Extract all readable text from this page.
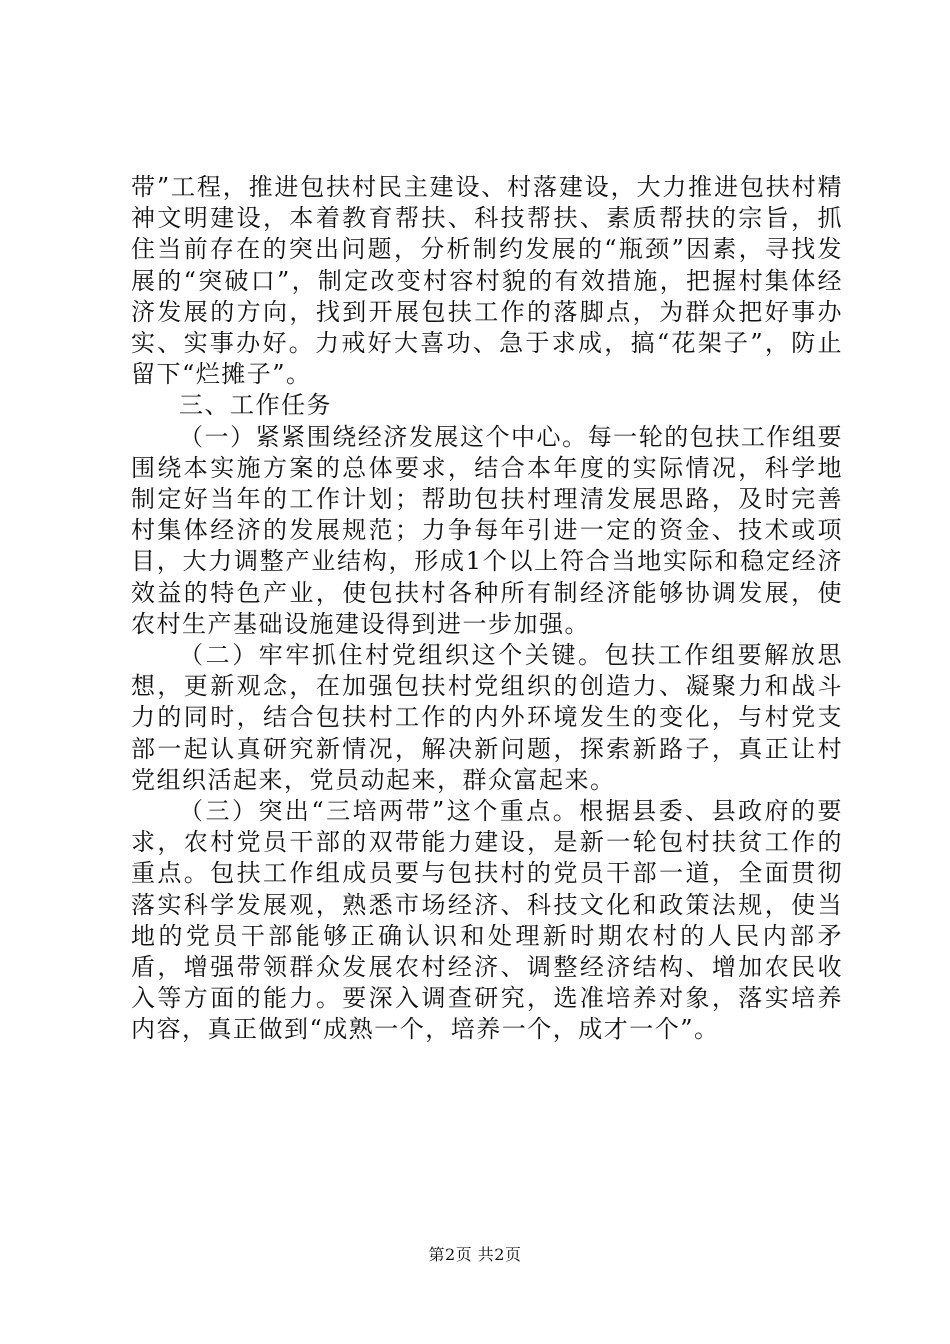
带”工程，推进包扶村民主建设、村落建设，大力推进包扶村精神文明建设，本着教育帮扶、科技帮扶、素质帮扶的宗旨，抓住当前存在的突出问题，分析制约发展的“瓶颈”因素，寻找发展的“突破口”，制定改变村容村貌的有效措施，把握村集体经济发展的方向，找到开展包扶工作的落脚点，为群众把好事办实、实事办好。力戒好大喜功、急于求成，搞“花架子”，防止留下“烂摊子”。

三、工作任务

（一）紧紧围绕经济发展这个中心。每一轮的包扶工作组要围绕本实施方案的总体要求，结合本年度的实际情况，科学地制定好当年的工作计划；帮助包扶村理清发展思路，及时完善村集体经济的发展规范；力争每年引进一定的资金、技术或项目，大力调整产业结构，形成1个以上符合当地实际和稳定经济效益的特色产业，使包扶村各种所有制经济能够协调发展，使农村生产基础设施建设得到进一步加强。

（二）牢牢抓住村党组织这个关键。包扶工作组要解放思想，更新观念，在加强包扶村党组织的创造力、凝聚力和战斗力的同时，结合包扶村工作的内外环境发生的变化，与村党支部一起认真研究新情况，解决新问题，探索新路子，真正让村党组织活起来，党员动起来，群众富起来。

（三）突出“三培两带”这个重点。根据县委、县政府的要求，农村党员干部的双带能力建设，是新一轮包村扶贫工作的重点。包扶工作组成员要与包扶村的党员干部一道，全面贯彻落实科学发展观，熟悉市场经济、科技文化和政策法规，使当地的党员干部能够正确认识和处理新时期农村的人民内部矛盾，增强带领群众发展农村经济、调整经济结构、增加农民收入等方面的能力。要深入调查研究，选准培养对象，落实培养内容，真正做到“成熟一个，培养一个，成才一个”。

第2页 共2页
